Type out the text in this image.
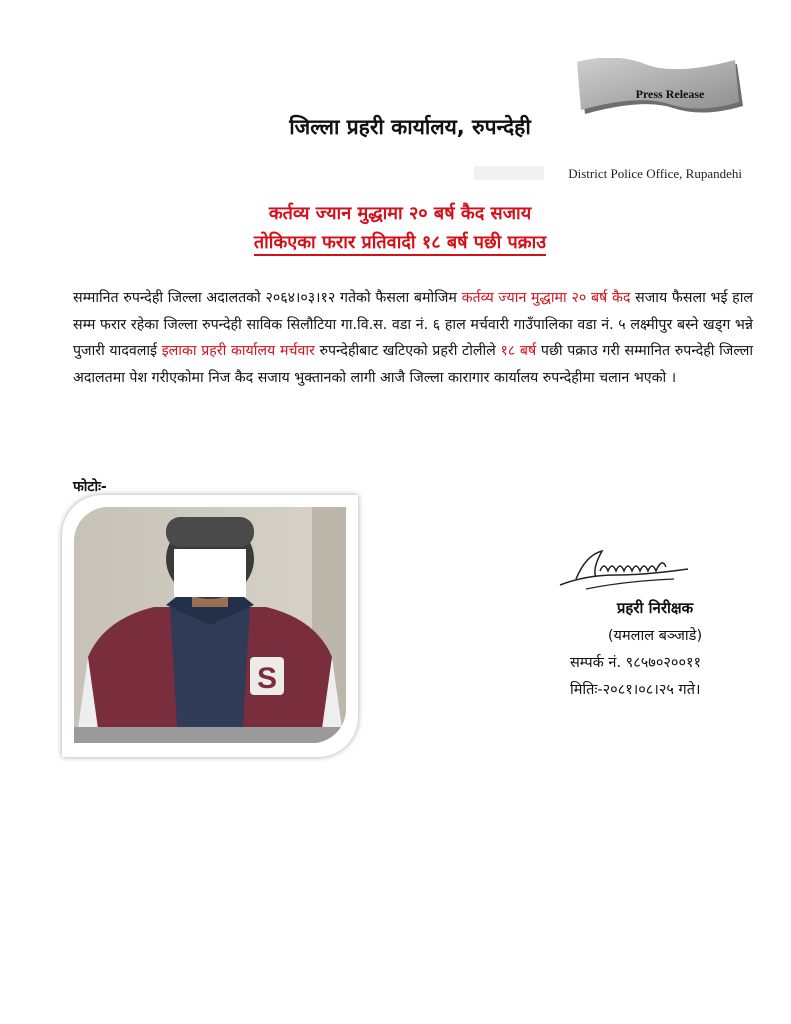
Press Release
जिल्ला प्रहरी कार्यालय, रुपन्देही
District Police Office, Rupandehi
कर्तव्य ज्यान मुद्धामा २० बर्ष कैद सजाय
तोकिएका फरार प्रतिवादी १८ बर्ष पछी पक्राउ
सम्मानित रुपन्देही जिल्ला अदालतको २०६४।०३।१२ गतेको फैसला बमोजिम कर्तव्य ज्यान मुद्धामा २० बर्ष कैद सजाय फैसला भई हाल सम्म फरार रहेका जिल्ला रुपन्देही साविक सिलौटिया गा.वि.स. वडा नं. ६ हाल मर्चवारी गाउँपालिका वडा नं. ५ लक्ष्मीपुर बस्ने खड्ग भन्ने पुजारी यादवलाई इलाका प्रहरी कार्यालय मर्चवार रुपन्देहीबाट खटिएको प्रहरी टोलीले १८ बर्ष पछी पक्राउ गरी सम्मानित रुपन्देही जिल्ला अदालतमा पेश गरीएकोमा निज कैद सजाय भुक्तानको लागी आजै जिल्ला कारागार कार्यालय रुपन्देहीमा चलान भएको ।
फोटोः-
S
प्रहरी निरीक्षक
(यमलाल बञ्जाडे)
सम्पर्क नं. ९८५७०२००११
मितिः-२०८१।०८।२५ गते।
